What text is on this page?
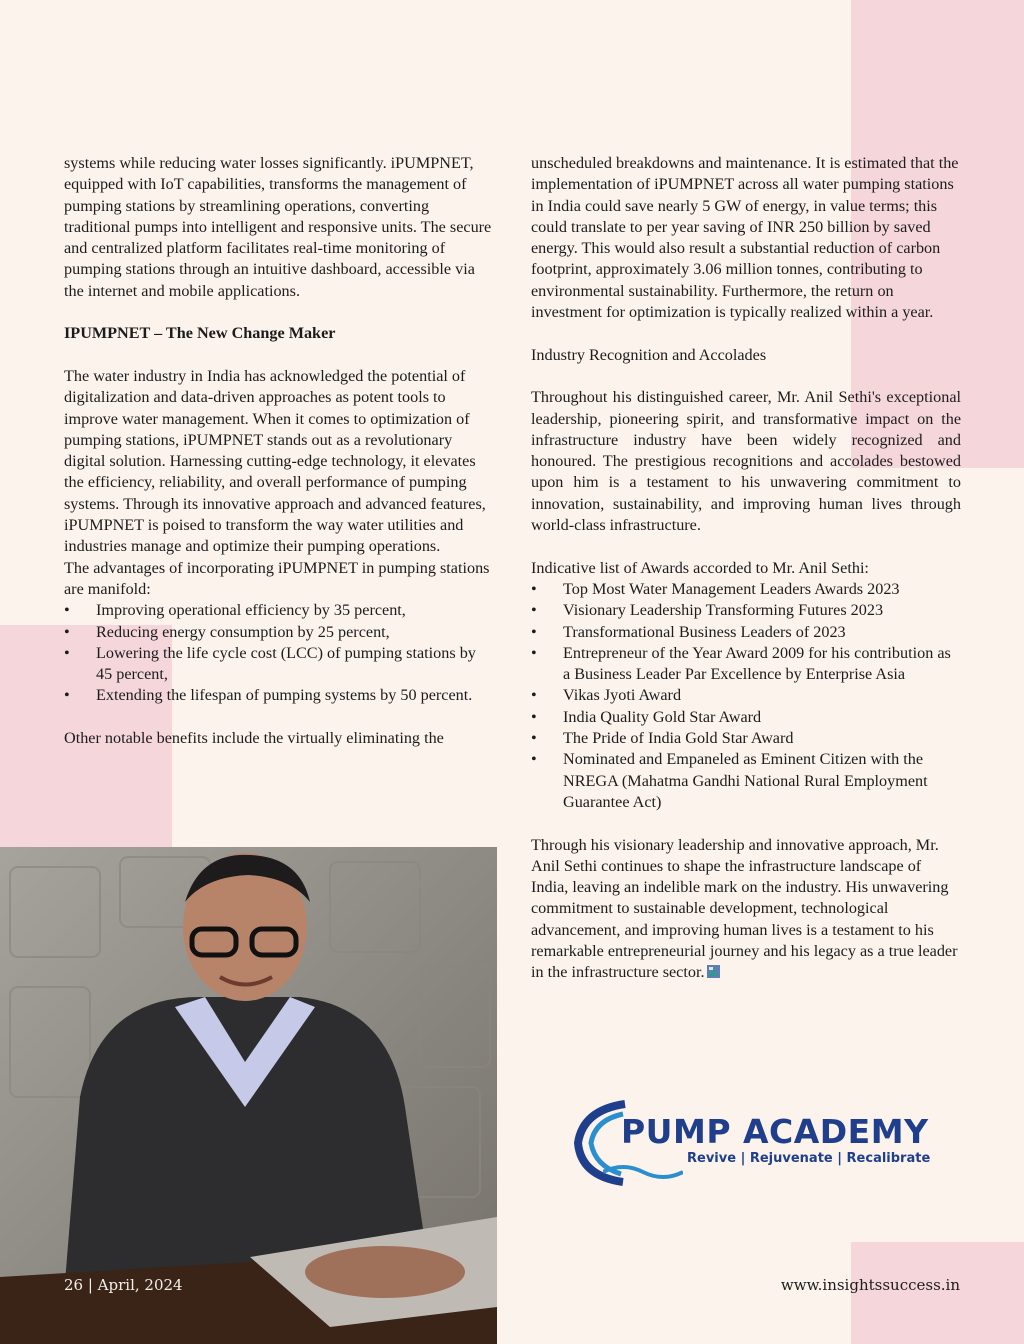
systems while reducing water losses significantly. iPUMPNET, equipped with IoT capabilities, transforms the management of pumping stations by streamlining operations, converting traditional pumps into intelligent and responsive units. The secure and centralized platform facilitates real-time monitoring of pumping stations through an intuitive dashboard, accessible via the internet and mobile applications.

IPUMPNET – The New Change Maker

The water industry in India has acknowledged the potential of digitalization and data-driven approaches as potent tools to improve water management. When it comes to optimization of pumping stations, iPUMPNET stands out as a revolutionary digital solution. Harnessing cutting-edge technology, it elevates the efficiency, reliability, and overall performance of pumping systems. Through its innovative approach and advanced features, iPUMPNET is poised to transform the way water utilities and industries manage and optimize their pumping operations.

The advantages of incorporating iPUMPNET in pumping stations are manifold:

• Improving operational efficiency by 35 percent,
• Reducing energy consumption by 25 percent,
• Lowering the life cycle cost (LCC) of pumping stations by 45 percent,
• Extending the lifespan of pumping systems by 50 percent.

Other notable benefits include the virtually eliminating the

unscheduled breakdowns and maintenance. It is estimated that the implementation of iPUMPNET across all water pumping stations in India could save nearly 5 GW of energy, in value terms; this could translate to per year saving of INR 250 billion by saved energy. This would also result a substantial reduction of carbon footprint, approximately 3.06 million tonnes, contributing to environmental sustainability. Furthermore, the return on investment for optimization is typically realized within a year.

Industry Recognition and Accolades

Throughout his distinguished career, Mr. Anil Sethi's exceptional leadership, pioneering spirit, and transformative impact on the infrastructure industry have been widely recognized and honoured. The prestigious recognitions and accolades bestowed upon him is a testament to his unwavering commitment to innovation, sustainability, and improving human lives through world-class infrastructure.

Indicative list of Awards accorded to Mr. Anil Sethi:

• Top Most Water Management Leaders Awards 2023
• Visionary Leadership Transforming Futures 2023
• Transformational Business Leaders of 2023
• Entrepreneur of the Year Award 2009 for his contribution as a Business Leader Par Excellence by Enterprise Asia
• Vikas Jyoti Award
• India Quality Gold Star Award
• The Pride of India Gold Star Award
• Nominated and Empaneled as Eminent Citizen with the NREGA (Mahatma Gandhi National Rural Employment Guarantee Act)

Through his visionary leadership and innovative approach, Mr. Anil Sethi continues to shape the infrastructure landscape of India, leaving an indelible mark on the industry. His unwavering commitment to sustainable development, technological advancement, and improving human lives is a testament to his remarkable entrepreneurial journey and his legacy as a true leader in the infrastructure sector.

PUMP ACADEMY
Revive | Rejuvenate | Recalibrate
26 | April, 2024	www.insightssuccess.in
